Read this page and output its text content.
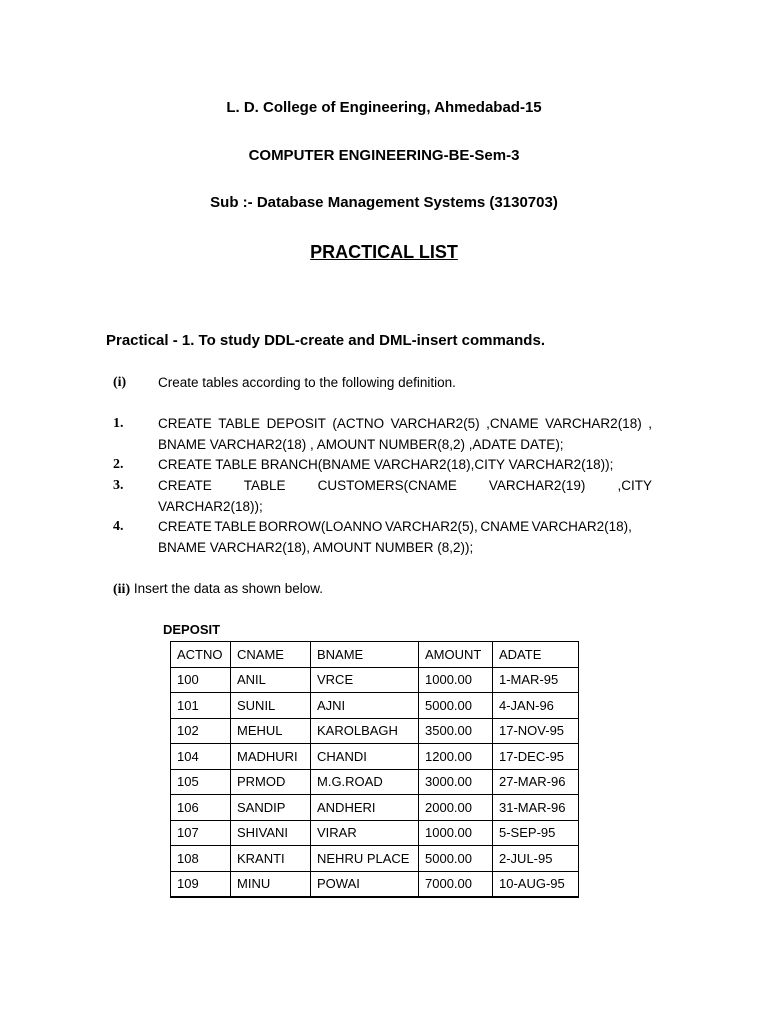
L. D. College of Engineering, Ahmedabad-15
COMPUTER ENGINEERING-BE-Sem-3
Sub :- Database Management Systems (3130703)
PRACTICAL LIST
Practical - 1. To study DDL-create and DML-insert commands.
(i) Create tables according to the following definition.
1.	CREATE TABLE DEPOSIT (ACTNO VARCHAR2(5) ,CNAME VARCHAR2(18) ,
BNAME VARCHAR2(18) , AMOUNT NUMBER(8,2) ,ADATE DATE);
2.	CREATE TABLE BRANCH(BNAME VARCHAR2(18),CITY VARCHAR2(18));
3.	CREATE TABLE CUSTOMERS(CNAME VARCHAR2(19) ,CITY
VARCHAR2(18));
4.	CREATE TABLE BORROW(LOANNO VARCHAR2(5), CNAME VARCHAR2(18),
BNAME VARCHAR2(18), AMOUNT NUMBER (8,2));
(ii) Insert the data as shown below.
DEPOSIT
ACTNO	CNAME	BNAME	AMOUNT	ADATE
100	ANIL	VRCE	1000.00	1-MAR-95
101	SUNIL	AJNI	5000.00	4-JAN-96
102	MEHUL	KAROLBAGH	3500.00	17-NOV-95
104	MADHURI	CHANDI	1200.00	17-DEC-95
105	PRMOD	M.G.ROAD	3000.00	27-MAR-96
106	SANDIP	ANDHERI	2000.00	31-MAR-96
107	SHIVANI	VIRAR	1000.00	5-SEP-95
108	KRANTI	NEHRU PLACE	5000.00	2-JUL-95
109	MINU	POWAI	7000.00	10-AUG-95
